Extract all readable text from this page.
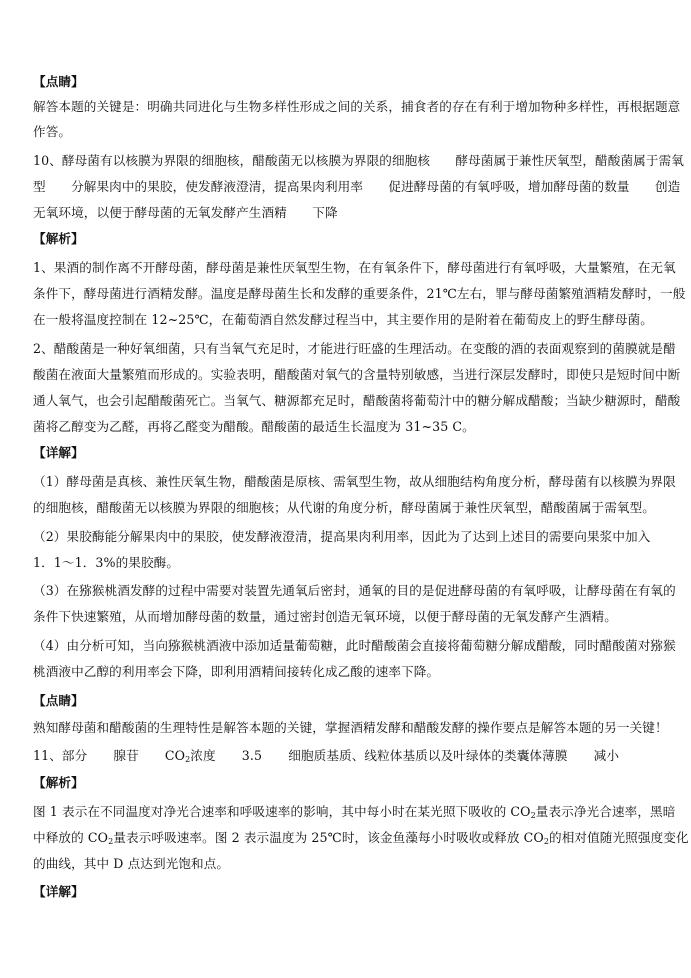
【点睛】
解答本题的关键是：明确共同进化与生物多样性形成之间的关系，捕食者的存在有利于增加物种多样性，再根据题意
作答。
10、酵母菌有以核膜为界限的细胞核，醋酸菌无以核膜为界限的细胞核　　酵母菌属于兼性厌氧型，醋酸菌属于需氧
型　　分解果肉中的果胶，使发酵液澄清，提高果肉利用率　　促进酵母菌的有氧呼吸，增加酵母菌的数量　　创造
无氧环境，以便于酵母菌的无氧发酵产生酒精　　下降
【解析】
1、果酒的制作离不开酵母菌，酵母菌是兼性厌氧型生物，在有氧条件下，酵母菌进行有氧呼吸，大量繁殖，在无氧
条件下，酵母菌进行酒精发酵。温度是酵母菌生长和发酵的重要条件，21℃左右，罪与酵母菌繁殖酒精发酵时，一般
在一般将温度控制在 12~25℃，在葡萄酒自然发酵过程当中，其主要作用的是附着在葡萄皮上的野生酵母菌。
2、醋酸菌是一种好氧细菌，只有当氧气充足时，才能进行旺盛的生理活动。在变酸的酒的表面观察到的菌膜就是醋
酸菌在液面大量繁殖而形成的。实验表明，醋酸菌对氧气的含量特别敏感，当进行深层发酵时，即使只是短时间中断
通人氧气，也会引起醋酸菌死亡。当氧气、糖源都充足时，醋酸菌将葡萄汁中的糖分解成醋酸；当缺少糖源时，醋酸
菌将乙醇变为乙醛，再将乙醛变为醋酸。醋酸菌的最适生长温度为 31~35 C。
【详解】
（1）酵母菌是真核、兼性厌氧生物，醋酸菌是原核、需氧型生物，故从细胞结构角度分析，酵母菌有以核膜为界限
的细胞核，醋酸菌无以核膜为界限的细胞核；从代谢的角度分析，酵母菌属于兼性厌氧型，醋酸菌属于需氧型。
（2）果胶酶能分解果肉中的果胶，使发酵液澄清，提高果肉利用率，因此为了达到上述目的需要向果浆中加入
1．1～1．3%的果胶酶。
（3）在猕猴桃酒发酵的过程中需要对装置先通氧后密封，通氧的目的是促进酵母菌的有氧呼吸，让酵母菌在有氧的
条件下快速繁殖，从而增加酵母菌的数量，通过密封创造无氧环境，以便于酵母菌的无氧发酵产生酒精。
（4）由分析可知，当向猕猴桃酒液中添加适量葡萄糖，此时醋酸菌会直接将葡萄糖分解成醋酸，同时醋酸菌对猕猴
桃酒液中乙醇的利用率会下降，即利用酒精间接转化成乙酸的速率下降。
【点睛】
熟知酵母菌和醋酸菌的生理特性是解答本题的关键，掌握酒精发酵和醋酸发酵的操作要点是解答本题的另一关键！
11、部分 腺苷 $CO_2$浓度 3.5 细胞质基质、线粒体基质以及叶绿体的类囊体薄膜 减小
【解析】
图 1 表示在不同温度对净光合速率和呼吸速率的影响，其中每小时在某光照下吸收的 $CO_2$量表示净光合速率，黑暗
中释放的 $CO_2$量表示呼吸速率。图 2 表示温度为 25℃时，该金鱼藻每小时吸收或释放 $CO_2$的相对值随光照强度变化
的曲线，其中 D 点达到光饱和点。
【详解】
